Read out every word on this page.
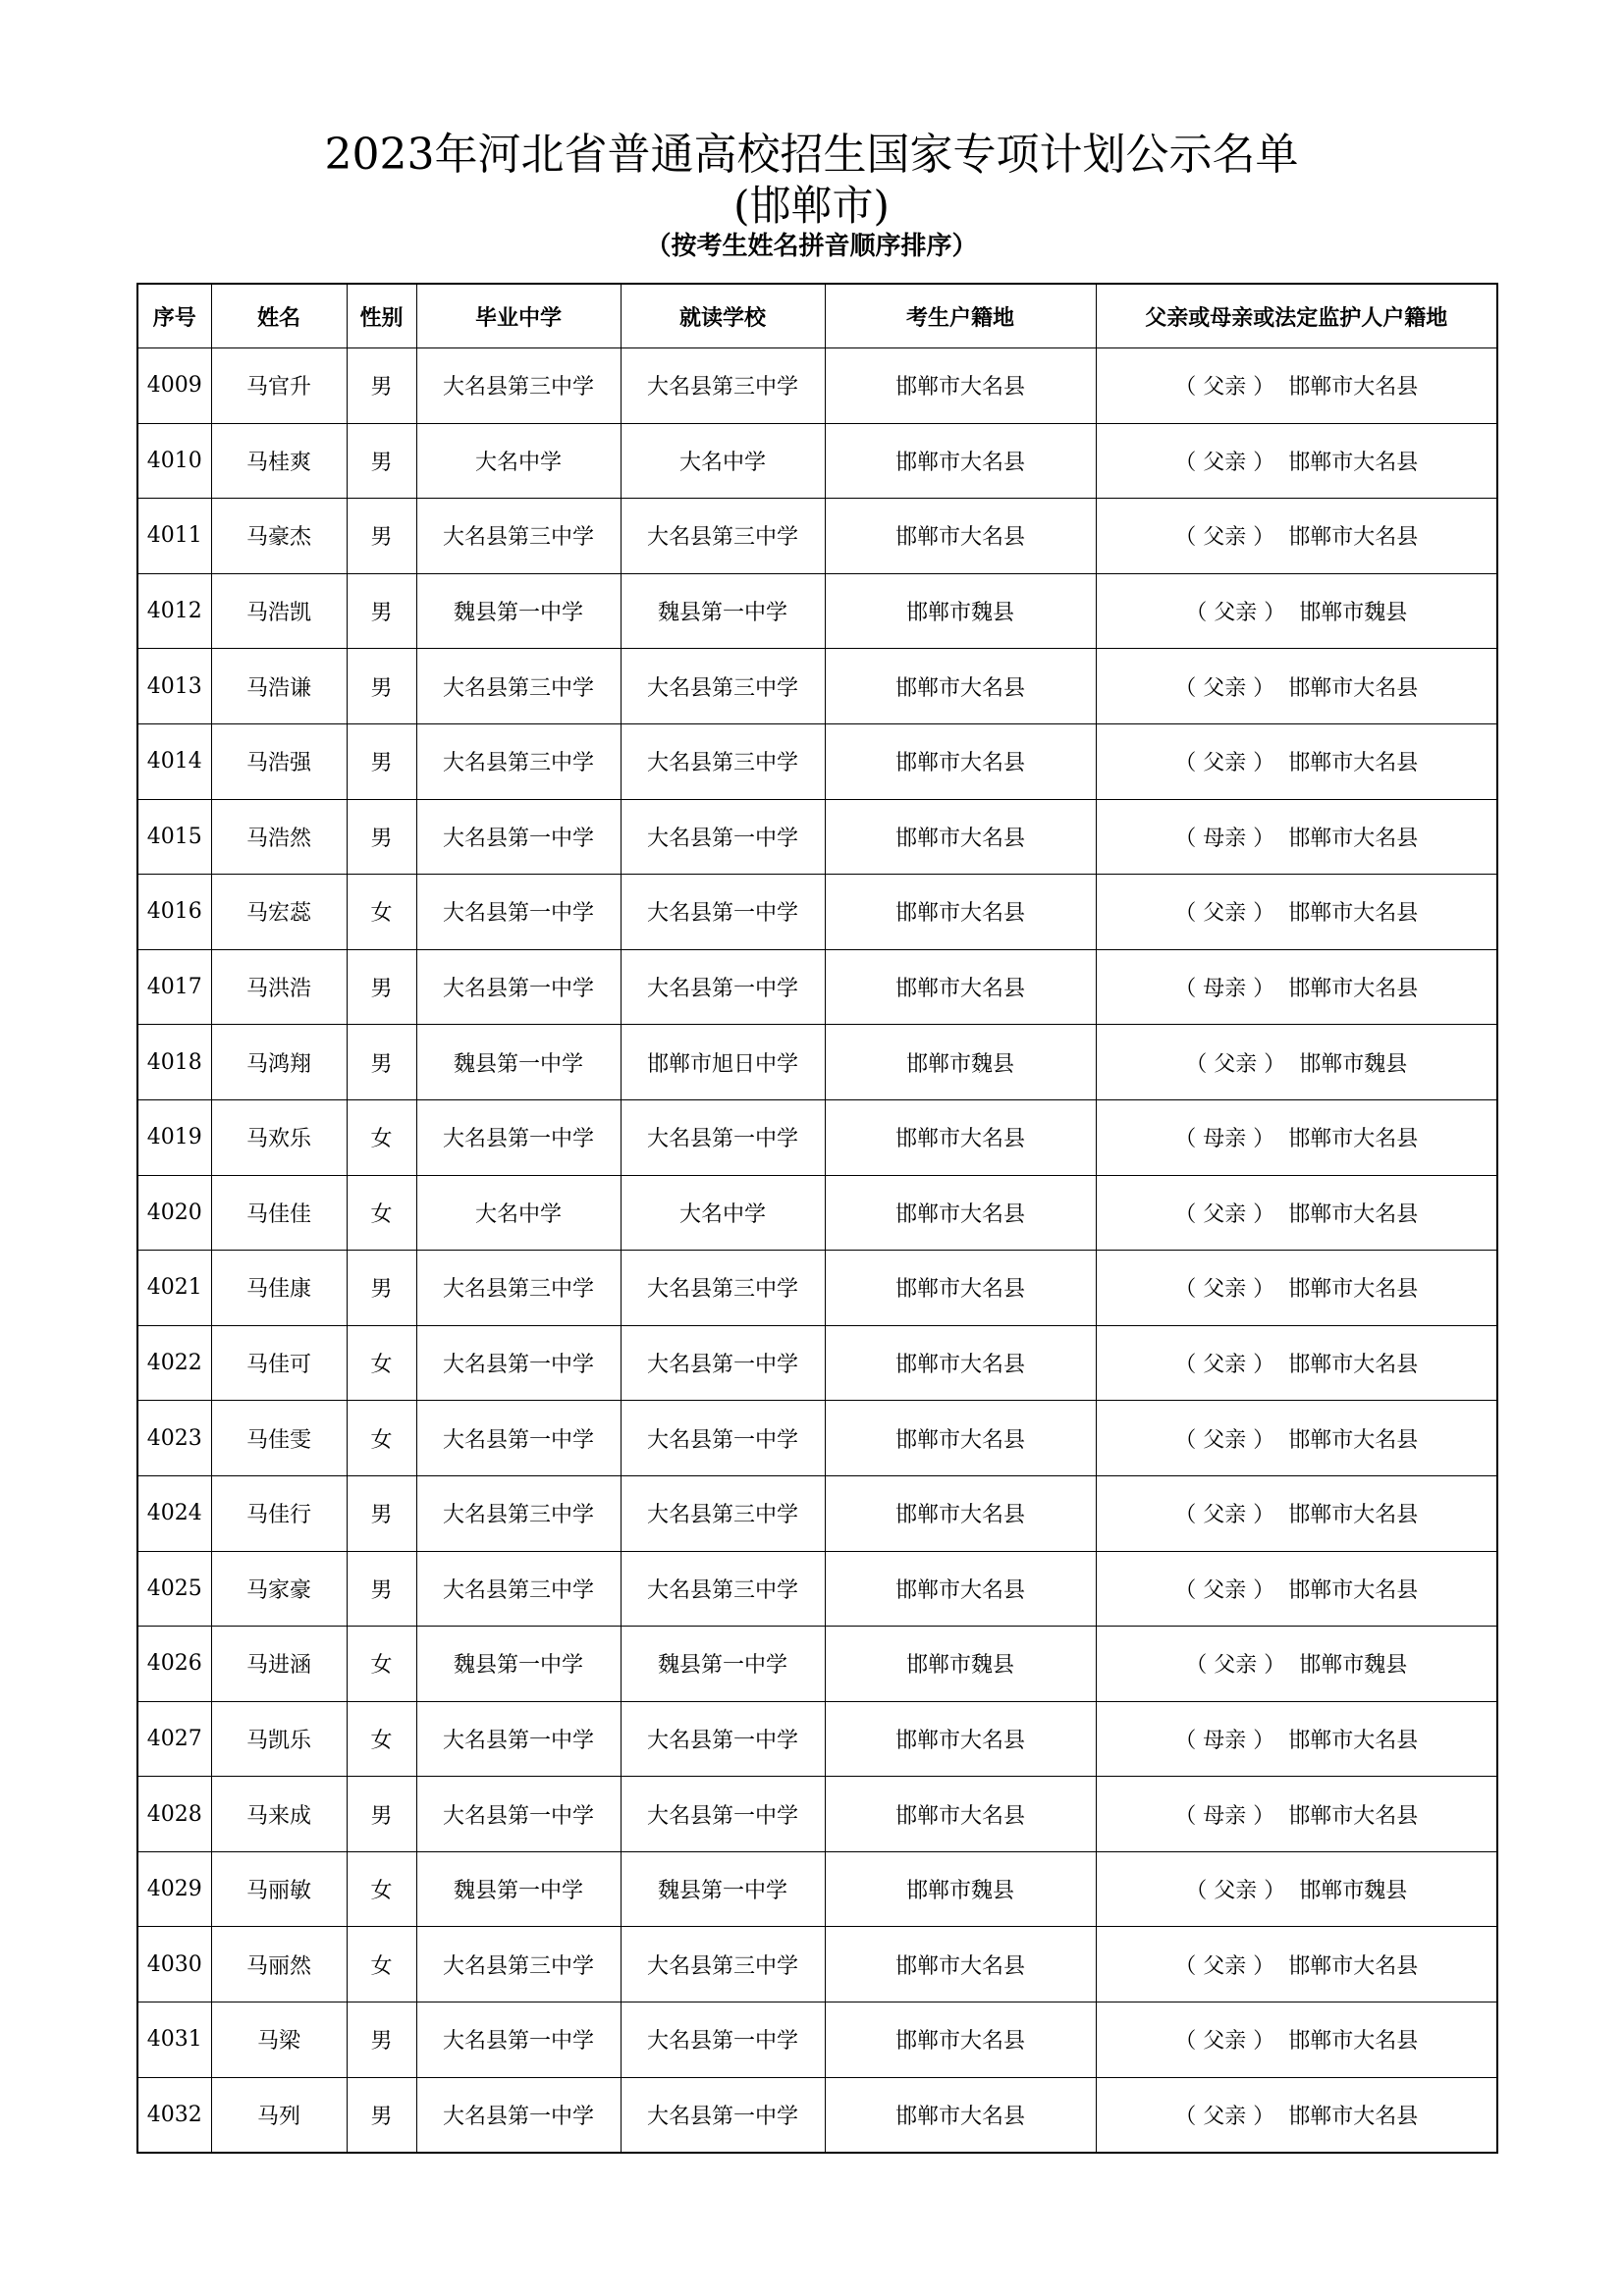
2023年河北省普通高校招生国家专项计划公示名单
(邯郸市)
（按考生姓名拼音顺序排序）
序号	姓名	性别	毕业中学	就读学校	考生户籍地	父亲或母亲或法定监护人户籍地
4009	马官升	男	大名县第三中学	大名县第三中学	邯郸市大名县	（ 父亲 ） 邯郸市大名县
4010	马桂爽	男	大名中学	大名中学	邯郸市大名县	（ 父亲 ） 邯郸市大名县
4011	马豪杰	男	大名县第三中学	大名县第三中学	邯郸市大名县	（ 父亲 ） 邯郸市大名县
4012	马浩凯	男	魏县第一中学	魏县第一中学	邯郸市魏县	（ 父亲 ） 邯郸市魏县
4013	马浩谦	男	大名县第三中学	大名县第三中学	邯郸市大名县	（ 父亲 ） 邯郸市大名县
4014	马浩强	男	大名县第三中学	大名县第三中学	邯郸市大名县	（ 父亲 ） 邯郸市大名县
4015	马浩然	男	大名县第一中学	大名县第一中学	邯郸市大名县	（ 母亲 ） 邯郸市大名县
4016	马宏蕊	女	大名县第一中学	大名县第一中学	邯郸市大名县	（ 父亲 ） 邯郸市大名县
4017	马洪浩	男	大名县第一中学	大名县第一中学	邯郸市大名县	（ 母亲 ） 邯郸市大名县
4018	马鸿翔	男	魏县第一中学	邯郸市旭日中学	邯郸市魏县	（ 父亲 ） 邯郸市魏县
4019	马欢乐	女	大名县第一中学	大名县第一中学	邯郸市大名县	（ 母亲 ） 邯郸市大名县
4020	马佳佳	女	大名中学	大名中学	邯郸市大名县	（ 父亲 ） 邯郸市大名县
4021	马佳康	男	大名县第三中学	大名县第三中学	邯郸市大名县	（ 父亲 ） 邯郸市大名县
4022	马佳可	女	大名县第一中学	大名县第一中学	邯郸市大名县	（ 父亲 ） 邯郸市大名县
4023	马佳雯	女	大名县第一中学	大名县第一中学	邯郸市大名县	（ 父亲 ） 邯郸市大名县
4024	马佳行	男	大名县第三中学	大名县第三中学	邯郸市大名县	（ 父亲 ） 邯郸市大名县
4025	马家豪	男	大名县第三中学	大名县第三中学	邯郸市大名县	（ 父亲 ） 邯郸市大名县
4026	马进涵	女	魏县第一中学	魏县第一中学	邯郸市魏县	（ 父亲 ） 邯郸市魏县
4027	马凯乐	女	大名县第一中学	大名县第一中学	邯郸市大名县	（ 母亲 ） 邯郸市大名县
4028	马来成	男	大名县第一中学	大名县第一中学	邯郸市大名县	（ 母亲 ） 邯郸市大名县
4029	马丽敏	女	魏县第一中学	魏县第一中学	邯郸市魏县	（ 父亲 ） 邯郸市魏县
4030	马丽然	女	大名县第三中学	大名县第三中学	邯郸市大名县	（ 父亲 ） 邯郸市大名县
4031	马梁	男	大名县第一中学	大名县第一中学	邯郸市大名县	（ 父亲 ） 邯郸市大名县
4032	马列	男	大名县第一中学	大名县第一中学	邯郸市大名县	（ 父亲 ） 邯郸市大名县
